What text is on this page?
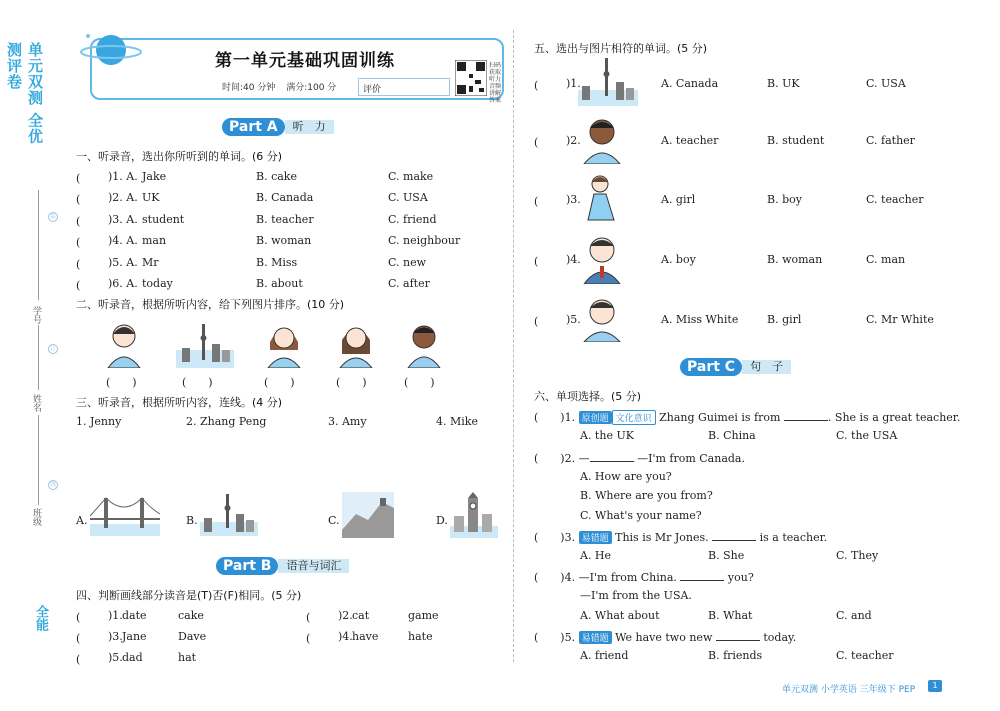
单元双测 全优测评卷
学号
姓名
班级
装
订
线
全能
第一单元基础巩固训练
时间:40 分钟 满分:100 分	评价
扫码获取听力音频讲解答案
Part A	听　力
一、听录音，选出你所听到的单词。(6 分)
(　　 )1. A. Jake	B. cake	C. make
(　　 )2. A. UK	B. Canada	C. USA
(　　 )3. A. student	B. teacher	C. friend
(　　 )4. A. man	B. woman	C. neighbour
(　　 )5. A. Mr	B. Miss	C. new
(　　 )6. A. today	B. about	C. after
二、听录音，根据所听内容，给下列图片排序。(10 分)
(　　)	(　　)	(　　)	(　　)	(　　)
三、听录音，根据所听内容，连线。(4 分)
1. Jenny	2. Zhang Peng	3. Amy	4. Mike
A.	B.	C.	D.
Part B	语音与词汇
四、判断画线部分读音是(T)否(F)相同。(5 分)
(　　 )1. date	cake	(　　 )2. cat	game
(　　 )3. Jane	Dave	(　　 )4. have	hate
(　　 )5. dad	hat
五、选出与图片相符的单词。(5 分)
(　　 )1.	A. Canada	B. UK	C. USA
(　　 )2.	A. teacher	B. student	C. father
(　　 )3.	A. girl	B. boy	C. teacher
(　　 )4.	A. boy	B. woman	C. man
(　　 )5.	A. Miss White	B. girl	C. Mr White
Part C	句　子
六、单项选择。(5 分)
(　　)1. 原创题 文化意识 Zhang Guimei is from	. She is a great teacher.
A. the UK	B. China	C. the USA
(　　)2. —	—I'm from Canada.
A. How are you?
B. Where are you from?
C. What's your name?
(　　)3. 易错题 This is Mr Jones.	is a teacher.
A. He	B. She	C. They
(　　)4. —I'm from China.	you?
—I'm from the USA.
A. What about	B. What	C. and
(　　)5. 易错题 We have two new	today.
A. friend	B. friends	C. teacher
单元双测 小学英语 三年级下 PEP	1
